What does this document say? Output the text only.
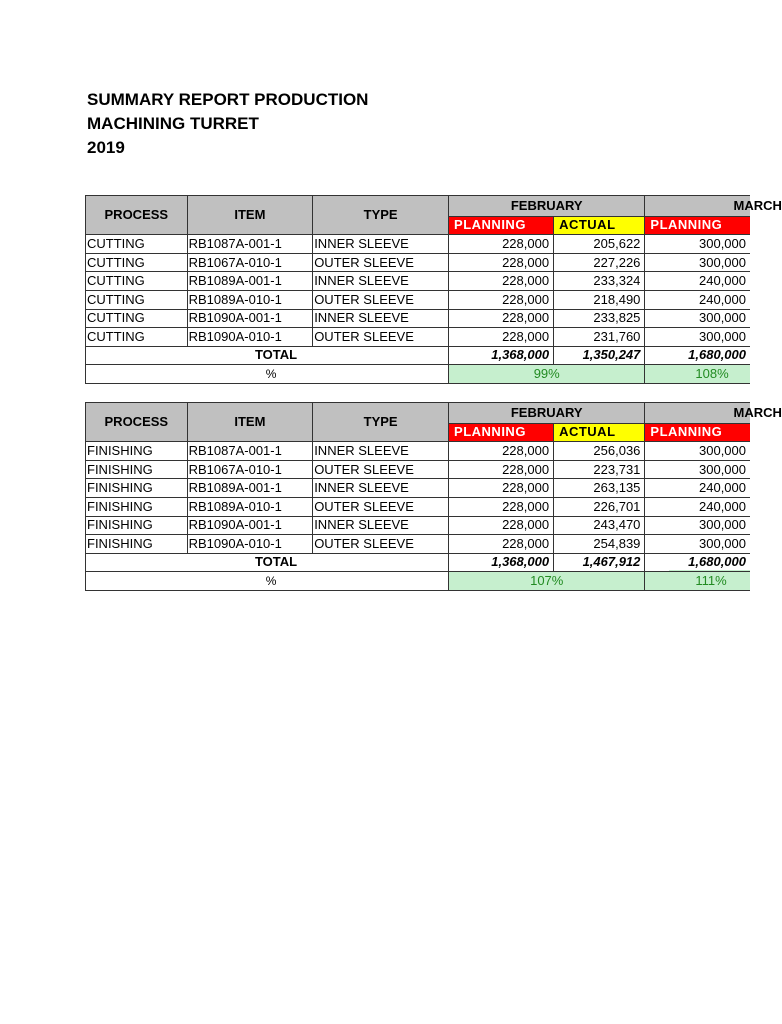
SUMMARY REPORT PRODUCTION
MACHINING TURRET
2019
PROCESS	ITEM	TYPE	FEBRUARY		MARCH
			PLANNING	ACTUAL	PLANNING
CUTTING	RB1087A-001-1	INNER SLEEVE	228,000	205,622	300,000
CUTTING	RB1067A-010-1	OUTER SLEEVE	228,000	227,226	300,000
CUTTING	RB1089A-001-1	INNER SLEEVE	228,000	233,324	240,000
CUTTING	RB1089A-010-1	OUTER SLEEVE	228,000	218,490	240,000
CUTTING	RB1090A-001-1	INNER SLEEVE	228,000	233,825	300,000
CUTTING	RB1090A-010-1	OUTER SLEEVE	228,000	231,760	300,000
TOTAL			1,368,000	1,350,247	1,680,000
%			99%		108%
PROCESS	ITEM	TYPE	FEBRUARY		MARCH
			PLANNING	ACTUAL	PLANNING
FINISHING	RB1087A-001-1	INNER SLEEVE	228,000	256,036	300,000
FINISHING	RB1067A-010-1	OUTER SLEEVE	228,000	223,731	300,000
FINISHING	RB1089A-001-1	INNER SLEEVE	228,000	263,135	240,000
FINISHING	RB1089A-010-1	OUTER SLEEVE	228,000	226,701	240,000
FINISHING	RB1090A-001-1	INNER SLEEVE	228,000	243,470	300,000
FINISHING	RB1090A-010-1	OUTER SLEEVE	228,000	254,839	300,000
TOTAL			1,368,000	1,467,912	1,680,000
%			107%		111%
